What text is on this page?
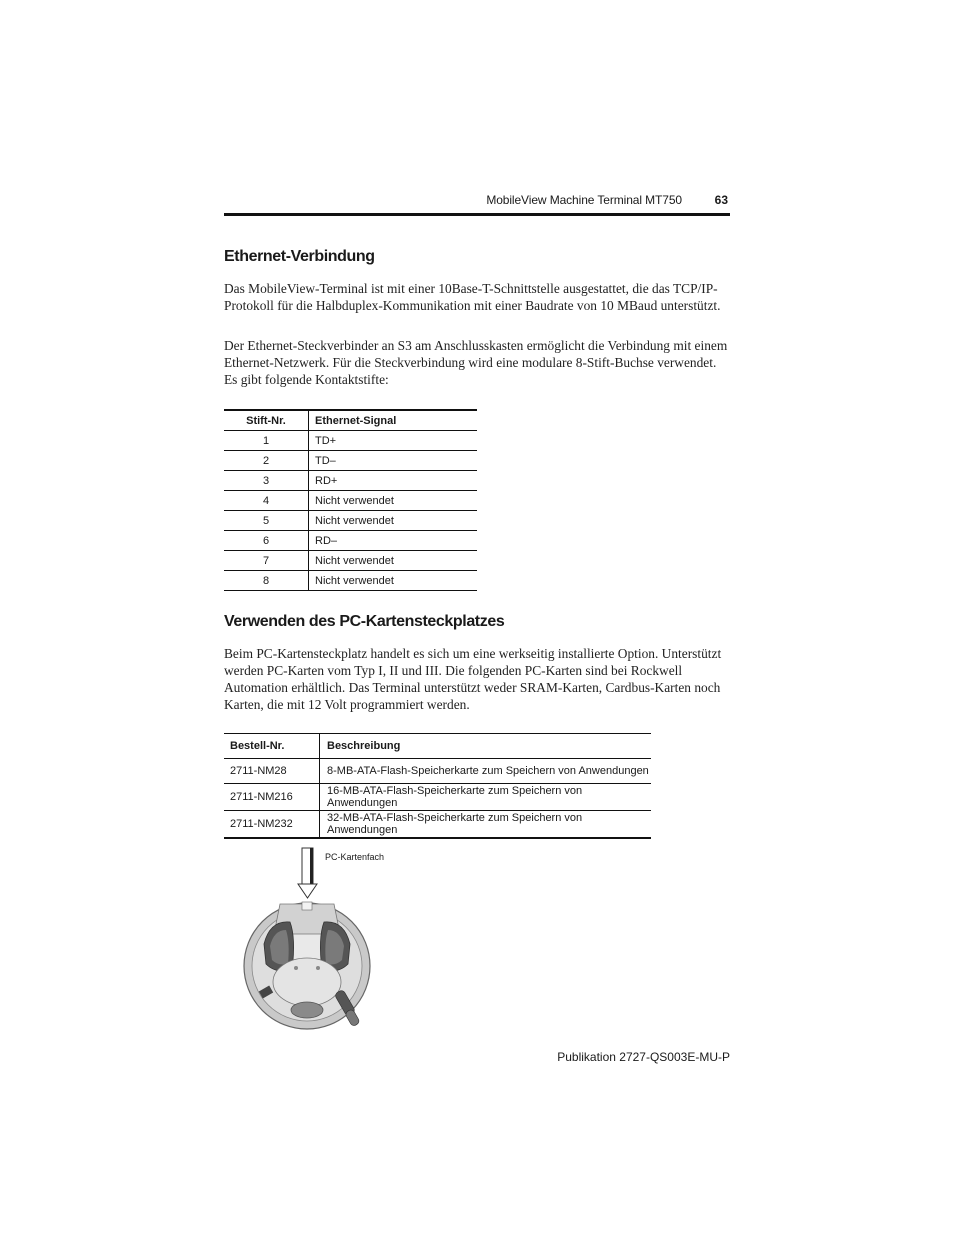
MobileView Machine Terminal MT750	63
Ethernet-Verbindung

Das MobileView-Terminal ist mit einer 10Base-T-Schnittstelle ausgestattet, die das TCP/IP-Protokoll für die Halbduplex-Kommunikation mit einer Baudrate von 10 MBaud unterstützt.

Der Ethernet-Steckverbinder an S3 am Anschlusskasten ermöglicht die Verbindung mit einem Ethernet-Netzwerk. Für die Steckverbindung wird eine modulare 8-Stift-Buchse verwendet. Es gibt folgende Kontaktstifte:

Stift-Nr.	Ethernet-Signal
1	TD+
2	TD–
3	RD+
4	Nicht verwendet
5	Nicht verwendet
6	RD–
7	Nicht verwendet
8	Nicht verwendet
Verwenden des PC-Kartensteckplatzes

Beim PC-Kartensteckplatz handelt es sich um eine werkseitig installierte Option. Unterstützt werden PC-Karten vom Typ I, II und III. Die folgenden PC-Karten sind bei Rockwell Automation erhältlich. Das Terminal unterstützt weder SRAM-Karten, Cardbus-Karten noch Karten, die mit 12 Volt programmiert werden.

Bestell-Nr.	Beschreibung
2711-NM28	8-MB-ATA-Flash-Speicherkarte zum Speichern von Anwendungen
2711-NM216	16-MB-ATA-Flash-Speicherkarte zum Speichern von Anwendungen
2711-NM232	32-MB-ATA-Flash-Speicherkarte zum Speichern von Anwendungen
PC-Kartenfach
Publikation 2727-QS003E-MU-P
